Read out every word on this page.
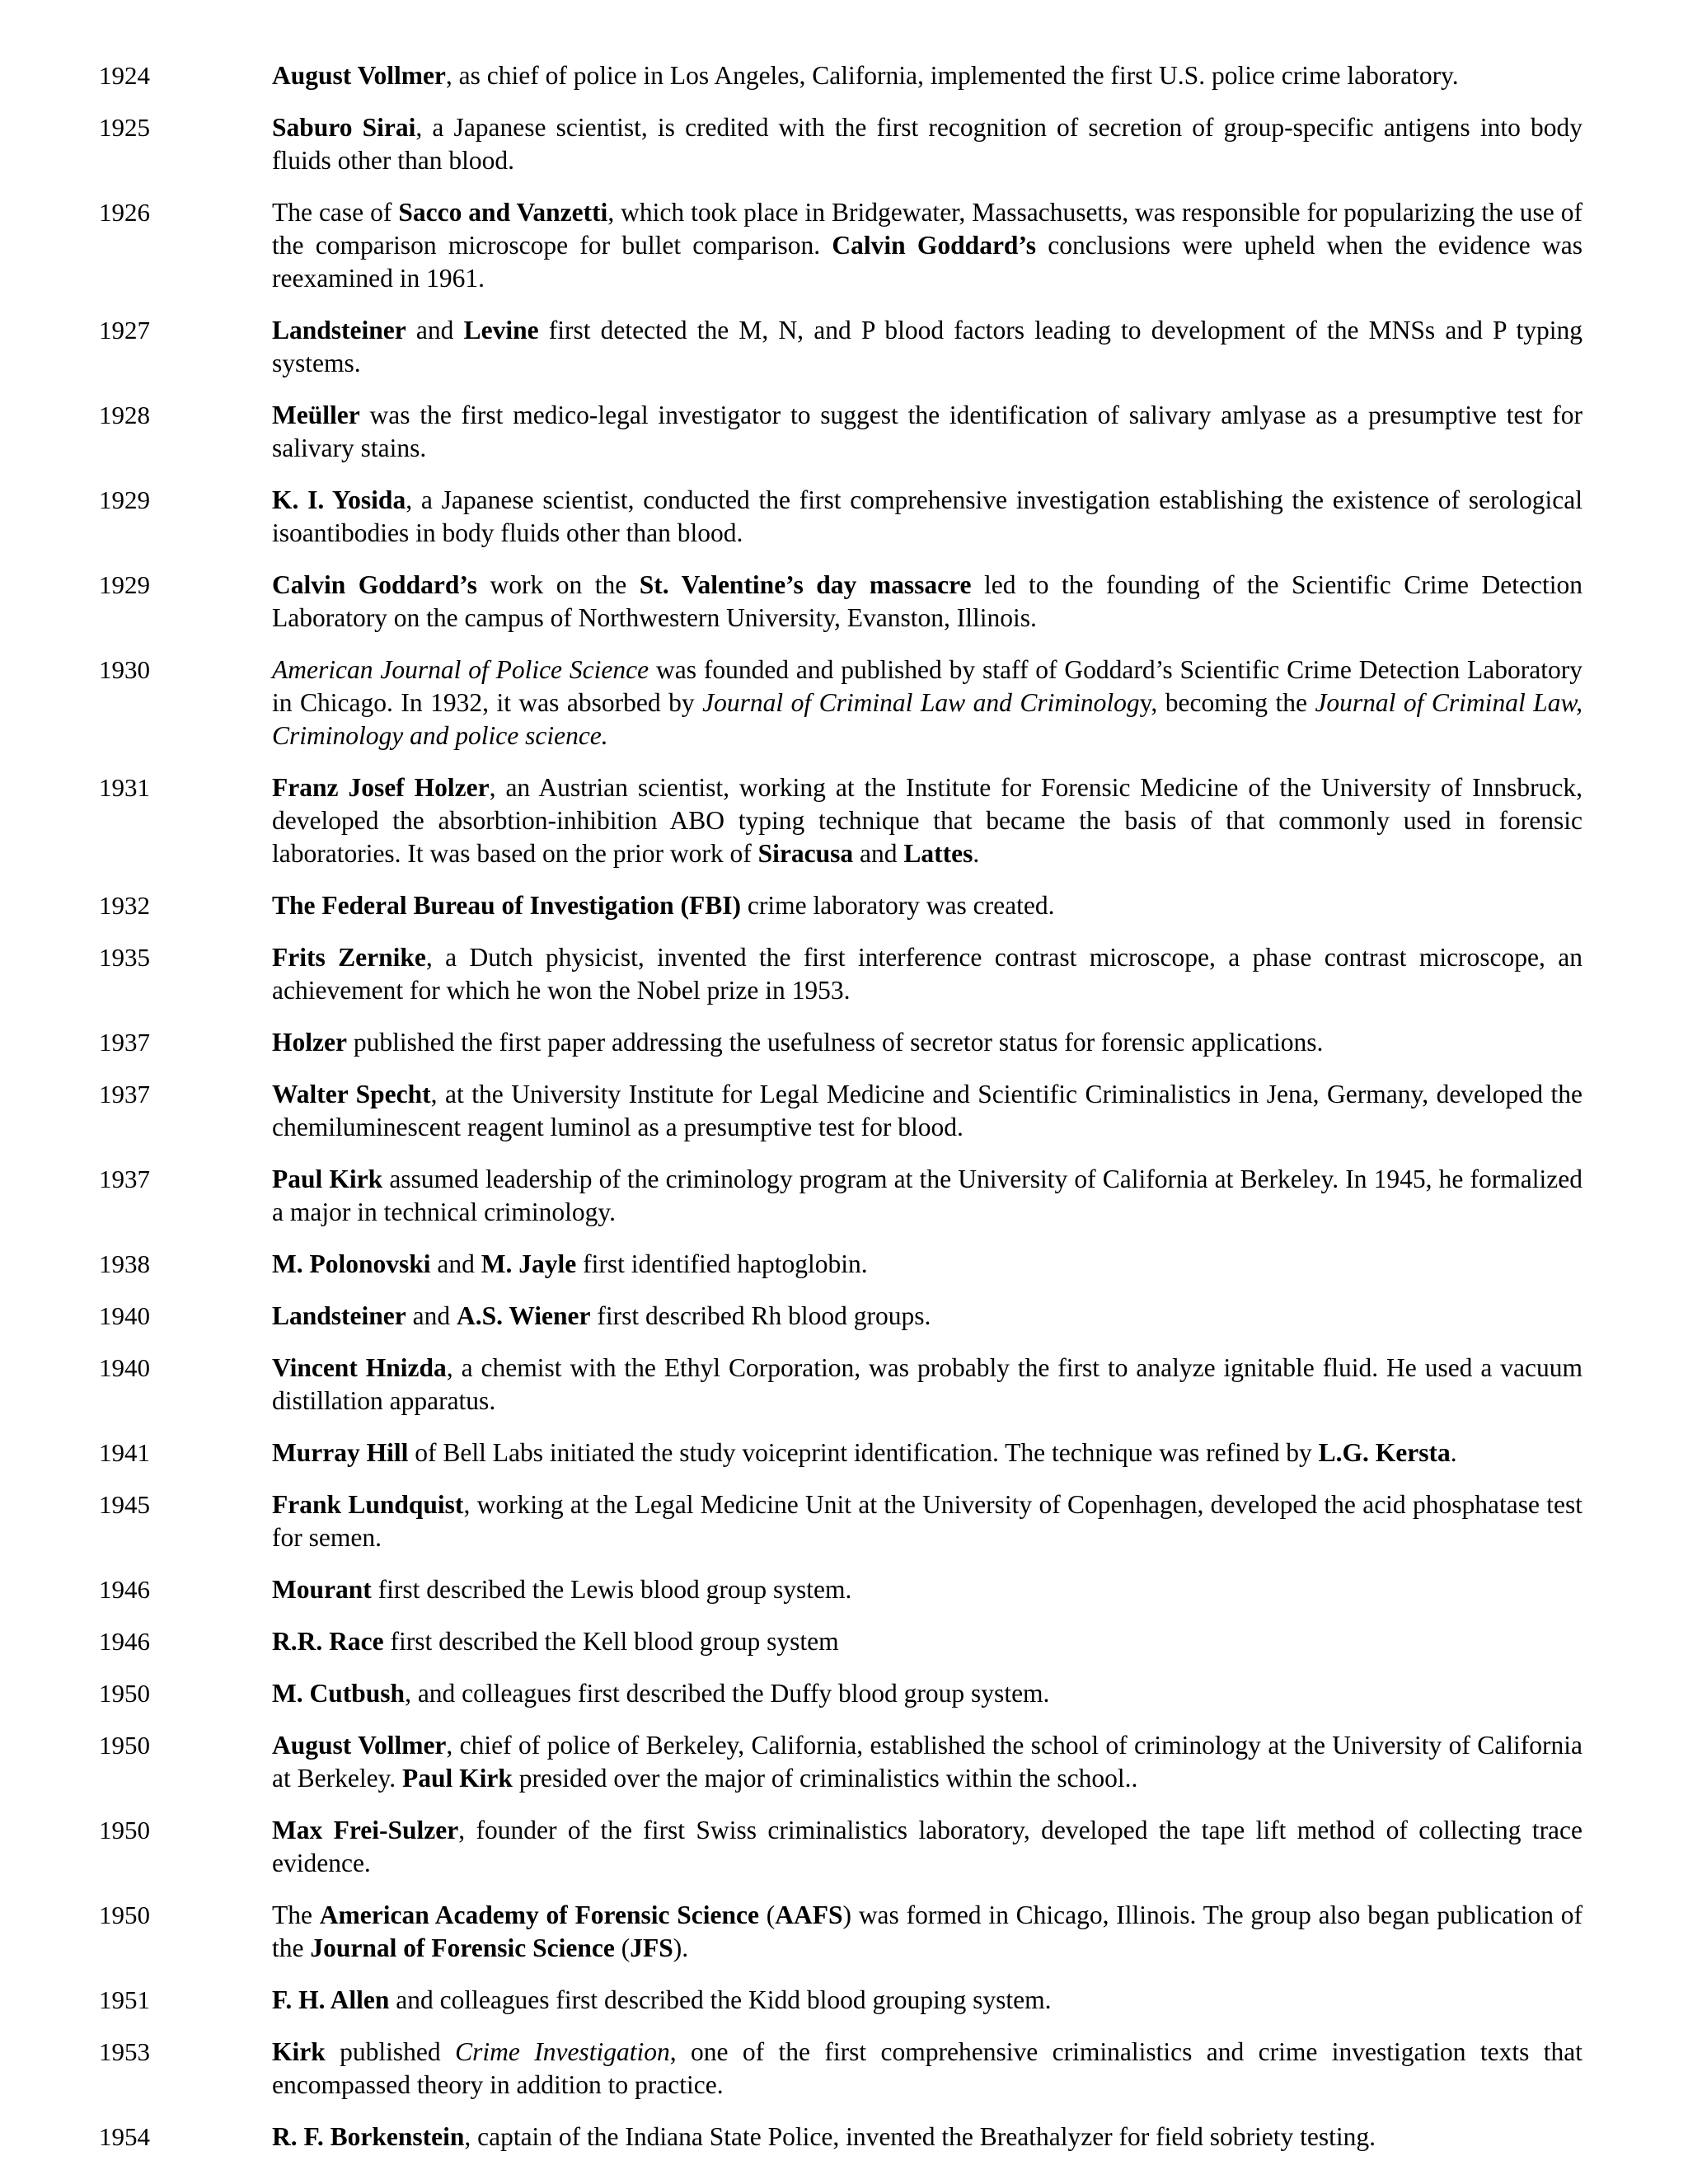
1924	August Vollmer, as chief of police in Los Angeles, California, implemented the first U.S. police crime laboratory.
1925	Saburo Sirai, a Japanese scientist, is credited with the first recognition of secretion of group-specific antigens into body fluids other than blood.
1926	The case of Sacco and Vanzetti, which took place in Bridgewater, Massachusetts, was responsible for popularizing the use of the comparison microscope for bullet comparison. Calvin Goddard’s conclusions were upheld when the evidence was reexamined in 1961.
1927	Landsteiner and Levine first detected the M, N, and P blood factors leading to development of the MNSs and P typing systems.
1928	Meüller was the first medico-legal investigator to suggest the identification of salivary amlyase as a presumptive test for salivary stains.
1929	K. I. Yosida, a Japanese scientist, conducted the first comprehensive investigation establishing the existence of serological isoantibodies in body fluids other than blood.
1929	Calvin Goddard’s work on the St. Valentine’s day massacre led to the founding of the Scientific Crime Detection Laboratory on the campus of Northwestern University, Evanston, Illinois.
1930	American Journal of Police Science was founded and published by staff of Goddard’s Scientific Crime Detection Laboratory in Chicago. In 1932, it was absorbed by Journal of Criminal Law and Criminology, becoming the Journal of Criminal Law, Criminology and police science.
1931	Franz Josef Holzer, an Austrian scientist, working at the Institute for Forensic Medicine of the University of Innsbruck, developed the absorbtion-inhibition ABO typing technique that became the basis of that commonly used in forensic laboratories. It was based on the prior work of Siracusa and Lattes.
1932	The Federal Bureau of Investigation (FBI) crime laboratory was created.
1935	Frits Zernike, a Dutch physicist, invented the first interference contrast microscope, a phase contrast microscope, an achievement for which he won the Nobel prize in 1953.
1937	Holzer published the first paper addressing the usefulness of secretor status for forensic applications.
1937	Walter Specht, at the University Institute for Legal Medicine and Scientific Criminalistics in Jena, Germany, developed the chemiluminescent reagent luminol as a presumptive test for blood.
1937	Paul Kirk assumed leadership of the criminology program at the University of California at Berkeley. In 1945, he formalized a major in technical criminology.
1938	M. Polonovski and M. Jayle first identified haptoglobin.
1940	Landsteiner and A.S. Wiener first described Rh blood groups.
1940	Vincent Hnizda, a chemist with the Ethyl Corporation, was probably the first to analyze ignitable fluid. He used a vacuum distillation apparatus.
1941	Murray Hill of Bell Labs initiated the study voiceprint identification. The technique was refined by L.G. Kersta.
1945	Frank Lundquist, working at the Legal Medicine Unit at the University of Copenhagen, developed the acid phosphatase test for semen.
1946	Mourant first described the Lewis blood group system.
1946	R.R. Race first described the Kell blood group system
1950	M. Cutbush, and colleagues first described the Duffy blood group system.
1950	August Vollmer, chief of police of Berkeley, California, established the school of criminology at the University of California at Berkeley. Paul Kirk presided over the major of criminalistics within the school..
1950	Max Frei-Sulzer, founder of the first Swiss criminalistics laboratory, developed the tape lift method of collecting trace evidence.
1950	The American Academy of Forensic Science (AAFS) was formed in Chicago, Illinois. The group also began publication of the Journal of Forensic Science (JFS).
1951	F. H. Allen and colleagues first described the Kidd blood grouping system.
1953	Kirk published Crime Investigation, one of the first comprehensive criminalistics and crime investigation texts that encompassed theory in addition to practice.
1954	R. F. Borkenstein, captain of the Indiana State Police, invented the Breathalyzer for field sobriety testing.
